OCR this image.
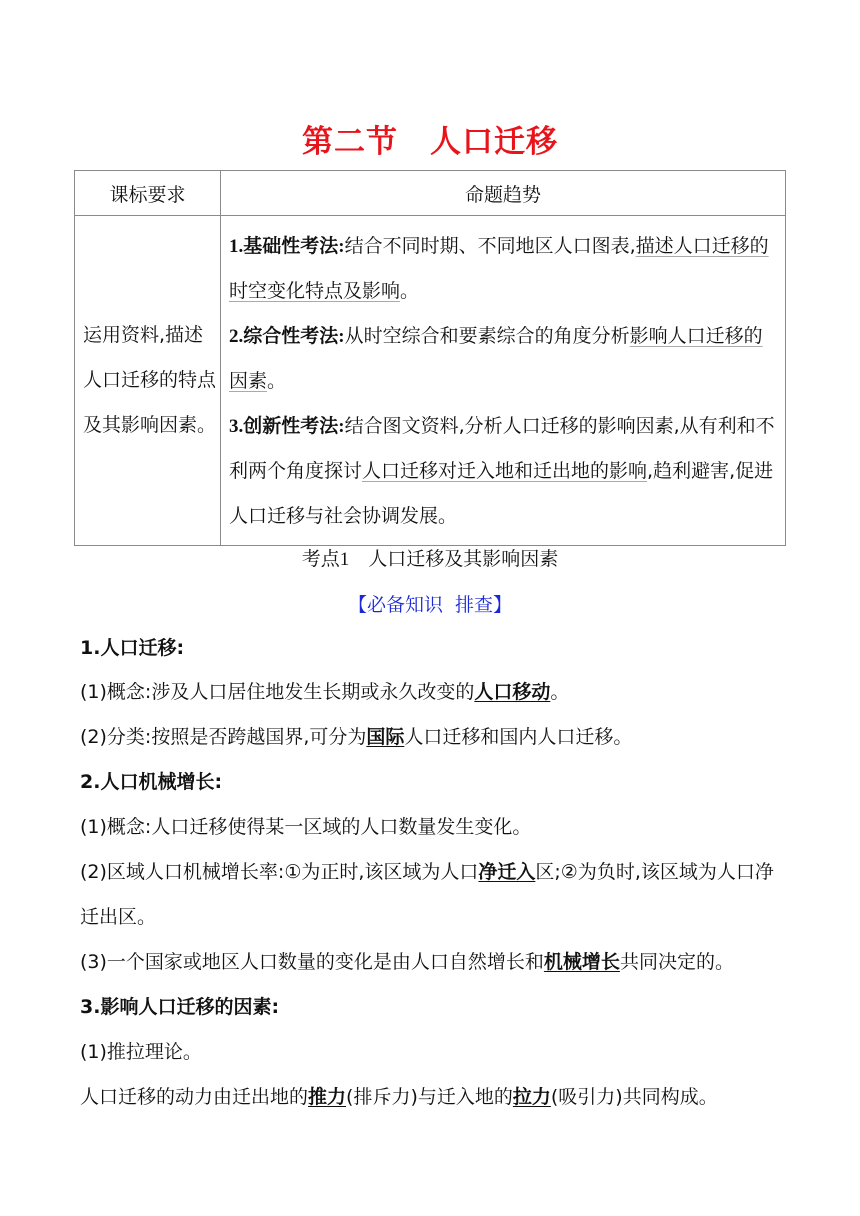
第二节　人口迁移
课标要求	命题趋势
运用资料,描述人口迁移的特点及其影响因素。	1.基础性考法:结合不同时期、不同地区人口图表,描述人口迁移的时空变化特点及影响。
2.综合性考法:从时空综合和要素综合的角度分析影响人口迁移的因素。
3.创新性考法:结合图文资料,分析人口迁移的影响因素,从有利和不利两个角度探讨人口迁移对迁入地和迁出地的影响,趋利避害,促进人口迁移与社会协调发展。
考点1　 人口迁移及其影响因素
【必备知识  排查】
1.人口迁移:
(1)概念:涉及人口居住地发生长期或永久改变的人口移动。
(2)分类:按照是否跨越国界,可分为国际人口迁移和国内人口迁移。
2.人口机械增长:
(1)概念:人口迁移使得某一区域的人口数量发生变化。
(2)区域人口机械增长率:①为正时,该区域为人口净迁入区;②为负时,该区域为人口净迁出区。
(3)一个国家或地区人口数量的变化是由人口自然增长和机械增长共同决定的。
3.影响人口迁移的因素:
(1)推拉理论。
人口迁移的动力由迁出地的推力(排斥力)与迁入地的拉力(吸引力)共同构成。
